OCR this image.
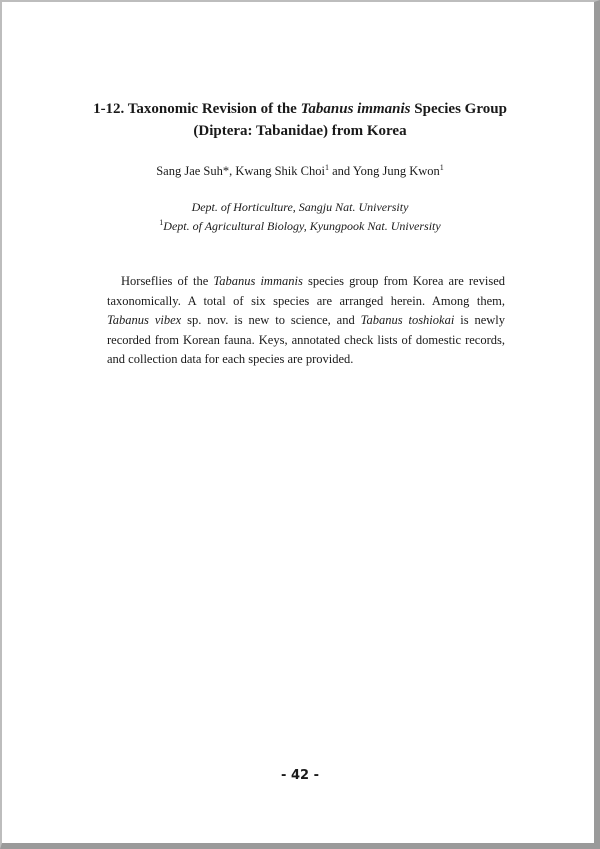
1-12. Taxonomic Revision of the Tabanus immanis Species Group
(Diptera: Tabanidae) from Korea

Sang Jae Suh*, Kwang Shik Choi$^1$ and Yong Jung Kwon$^1$

Dept. of Horticulture, Sangju Nat. University

$^1$Dept. of Agricultural Biology, Kyungpook Nat. University

Horseflies of the Tabanus immanis species group from Korea are revised taxonomically. A total of six species are arranged herein. Among them, Tabanus vibex sp. nov. is new to science, and Tabanus toshiokai is newly recorded from Korean fauna. Keys, annotated check lists of domestic records, and collection data for each species are provided.

- 42 -
